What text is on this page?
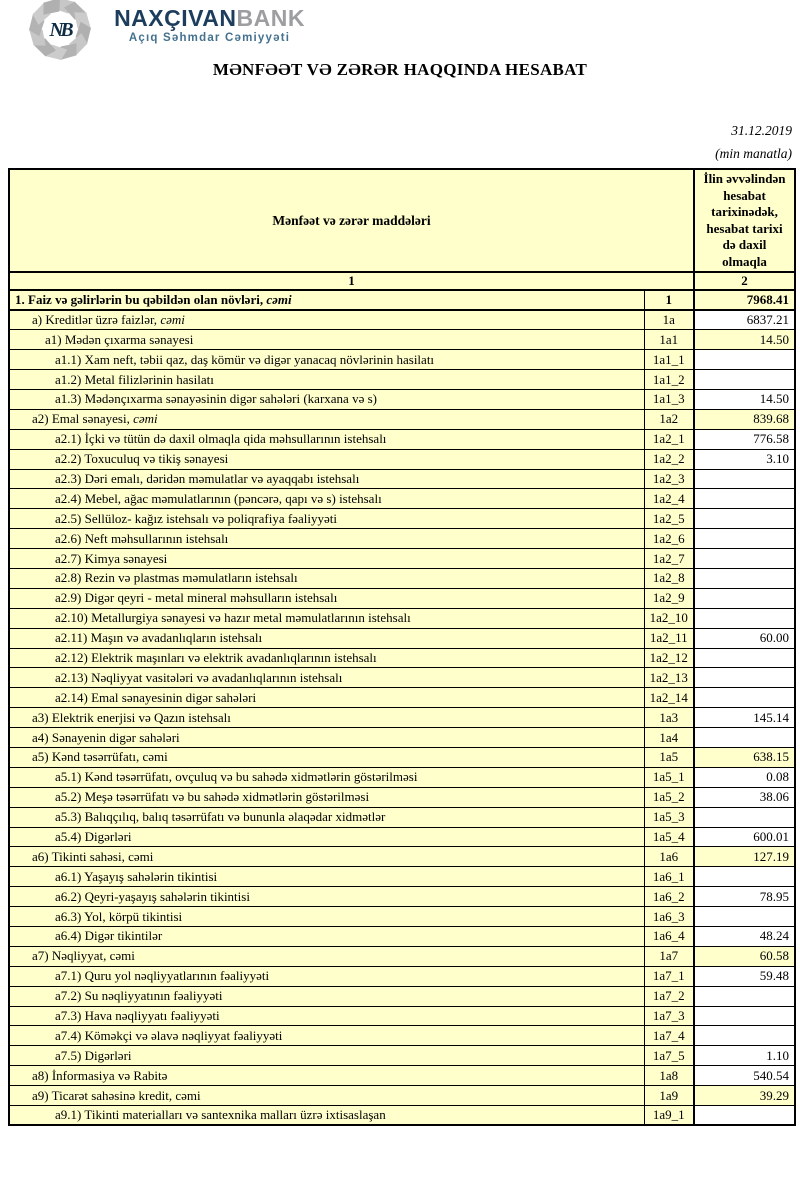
NB	NAXÇIVANBANK
Açıq Səhmdar Cəmiyyəti
MƏNFƏƏT VƏ ZƏRƏR HAQQINDA HESABAT
31.12.2019
(min manatla)
Mənfəət və zərər maddələri	
İlin əvvəlindən
hesabat
tarixinədək,
hesabat tarixi
də daxil
olmaqla

1		2
1. Faiz və gəlirlərin bu qəbildən olan növləri, cəmi	1	7968.41
a) Kreditlər üzrə faizlər, cəmi	1a	6837.21
a1) Mədən çıxarma sənayesi	1a1	14.50
a1.1) Xam neft, təbii qaz, daş kömür və digər yanacaq növlərinin hasilatı	1a1_1	
a1.2) Metal filizlərinin hasilatı	1a1_2	
a1.3) Mədənçıxarma sənayəsinin digər sahələri (karxana və s)	1a1_3	14.50
a2) Emal sənayesi, cəmi	1a2	839.68
a2.1) İçki və tütün də daxil olmaqla qida məhsullarının istehsalı	1a2_1	776.58
a2.2) Toxuculuq və tikiş sənayesi	1a2_2	3.10
a2.3) Dəri emalı, dəridən məmulatlar və ayaqqabı istehsalı	1a2_3	
a2.4) Mebel, ağac məmulatlarının (pəncərə, qapı və s) istehsalı	1a2_4	
a2.5) Sellüloz- kağız istehsalı və poliqrafiya fəaliyyəti	1a2_5	
a2.6) Neft məhsullarının istehsalı	1a2_6	
a2.7) Kimya sənayesi	1a2_7	
a2.8) Rezin və plastmas məmulatların istehsalı	1a2_8	
a2.9) Digər qeyri - metal mineral məhsulların istehsalı	1a2_9	
a2.10) Metallurgiya sənayesi və hazır metal məmulatlarının istehsalı	1a2_10	
a2.11) Maşın və avadanlıqların istehsalı	1a2_11	60.00
a2.12) Elektrik maşınları və elektrik avadanlıqlarının istehsalı	1a2_12	
a2.13) Nəqliyyat vasitələri və avadanlıqlarının istehsalı	1a2_13	
a2.14) Emal sənayesinin digər sahələri	1a2_14	
a3) Elektrik enerjisi və Qazın istehsalı	1a3	145.14
a4) Sənayenin digər sahələri	1a4	
a5) Kənd təsərrüfatı, cəmi	1a5	638.15
a5.1) Kənd təsərrüfatı, ovçuluq və bu sahədə xidmətlərin göstərilməsi	1a5_1	0.08
a5.2) Meşə təsərrüfatı və bu sahədə xidmətlərin göstərilməsi	1a5_2	38.06
a5.3) Balıqçılıq, balıq təsərrüfatı və bununla əlaqədar xidmətlər	1a5_3	
a5.4) Digərləri	1a5_4	600.01
a6) Tikinti sahəsi, cəmi	1a6	127.19
a6.1) Yaşayış sahələrin tikintisi	1a6_1	
a6.2) Qeyri-yaşayış sahələrin tikintisi	1a6_2	78.95
a6.3) Yol, körpü tikintisi	1a6_3	
a6.4) Digər tikintilər	1a6_4	48.24
a7) Nəqliyyat, cəmi	1a7	60.58
a7.1) Quru yol nəqliyyatlarının fəaliyyəti	1a7_1	59.48
a7.2) Su nəqliyyatının fəaliyyəti	1a7_2	
a7.3) Hava nəqliyyatı fəaliyyəti	1a7_3	
a7.4) Köməkçi və əlavə nəqliyyat fəaliyyəti	1a7_4	
a7.5) Digərləri	1a7_5	1.10
a8) İnformasiya və Rabitə	1a8	540.54
a9) Ticarət sahəsinə kredit, cəmi	1a9	39.29
a9.1) Tikinti materialları və santexnika malları üzrə ixtisaslaşan	1a9_1	
